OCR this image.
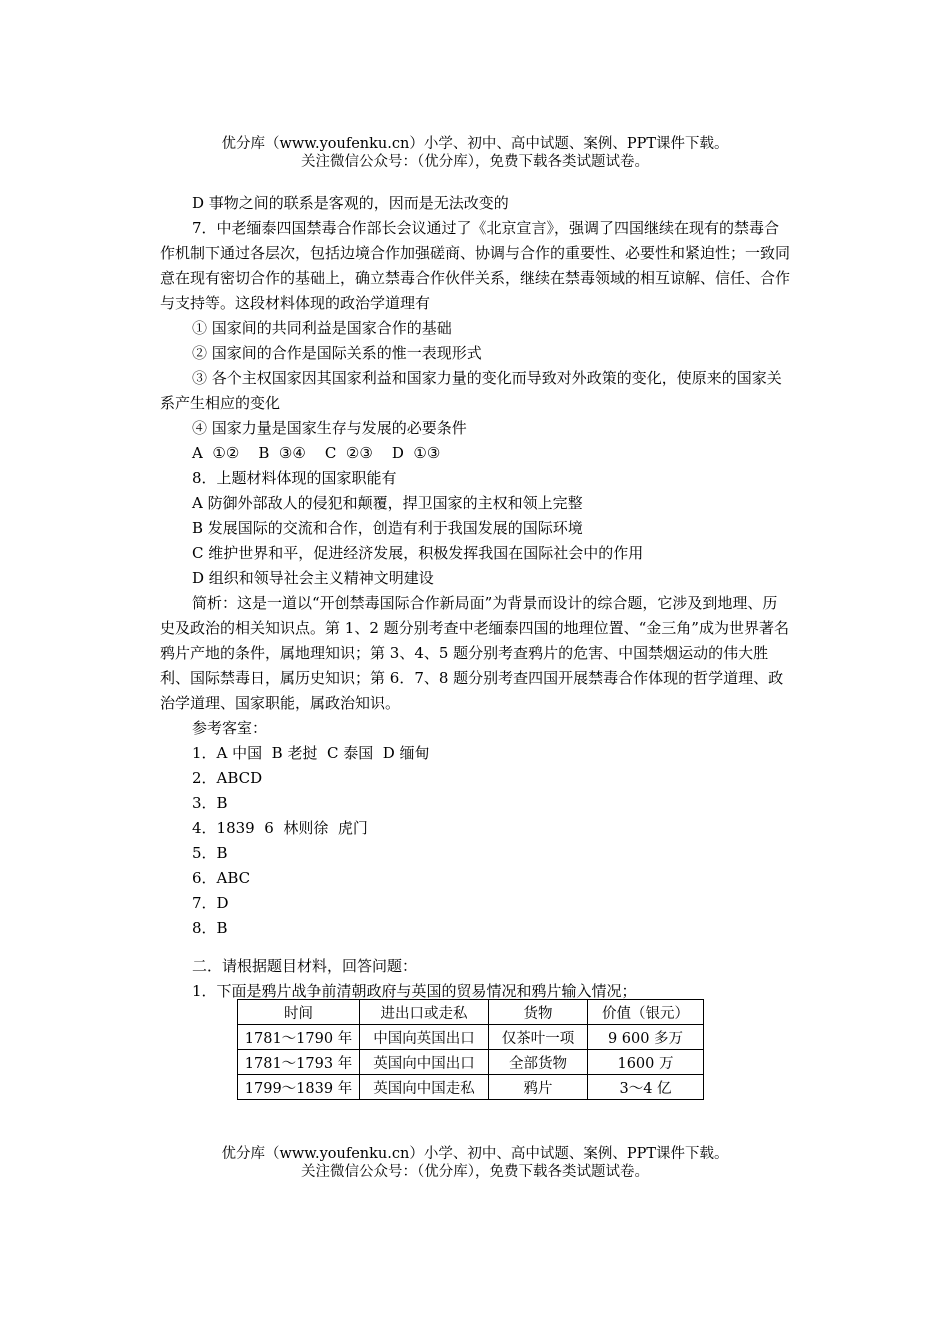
优分库（www.youfenku.cn）小学、初中、高中试题、案例、PPT课件下载。
关注微信公众号：（优分库），免费下载各类试题试卷。

D 事物之间的联系是客观的，因而是无法改变的

7．中老缅泰四国禁毒合作部长会议通过了《北京宣言》，强调了四国继续在现有的禁毒合作机制下通过各层次，包括边境合作加强磋商、协调与合作的重要性、必要性和紧迫性；一致同意在现有密切合作的基础上，确立禁毒合作伙伴关系，继续在禁毒领域的相互谅解、信任、合作与支持等。这段材料体现的政治学道理有

① 国家间的共同利益是国家合作的基础

② 国家间的合作是国际关系的惟一表现形式

③ 各个主权国家因其国家利益和国家力量的变化而导致对外政策的变化，使原来的国家关系产生相应的变化

④ 国家力量是国家生存与发展的必要条件

A  ①②    B  ③④    C  ②③    D  ①③

8．上题材料体现的国家职能有

A 防御外部敌人的侵犯和颠覆，捍卫国家的主权和领上完整

B 发展国际的交流和合作，创造有利于我国发展的国际环境

C 维护世界和平，促进经济发展，积极发挥我国在国际社会中的作用

D 组织和领导社会主义精神文明建设

简析：这是一道以“开创禁毒国际合作新局面”为背景而设计的综合题，它涉及到地理、历史及政治的相关知识点。第 1、2 题分别考查中老缅泰四国的地理位置、“金三角”成为世界著名鸦片产地的条件，属地理知识；第 3、4、5 题分别考查鸦片的危害、中国禁烟运动的伟大胜利、国际禁毒日，属历史知识；第 6．7、8 题分别考查四国开展禁毒合作体现的哲学道理、政治学道理、国家职能，属政治知识。

参考客室：

1．A 中国  B 老挝  C 泰国  D 缅甸

2．ABCD

3．B

4．1839  6  林则徐  虎门

5．B

6．ABC

7．D

8．B

二．请根据题目材料，回答问题：

1．下面是鸦片战争前清朝政府与英国的贸易情况和鸦片输入情况；

时间	进出口或走私	货物	价值（银元）
1781～1790 年	中国向英国出口	仅茶叶一项	9 600 多万
1781～1793 年	英国向中国出口	全部货物	1600 万
1799～1839 年	英国向中国走私	鸦片	3～4 亿
优分库（www.youfenku.cn）小学、初中、高中试题、案例、PPT课件下载。
关注微信公众号：（优分库），免费下载各类试题试卷。
